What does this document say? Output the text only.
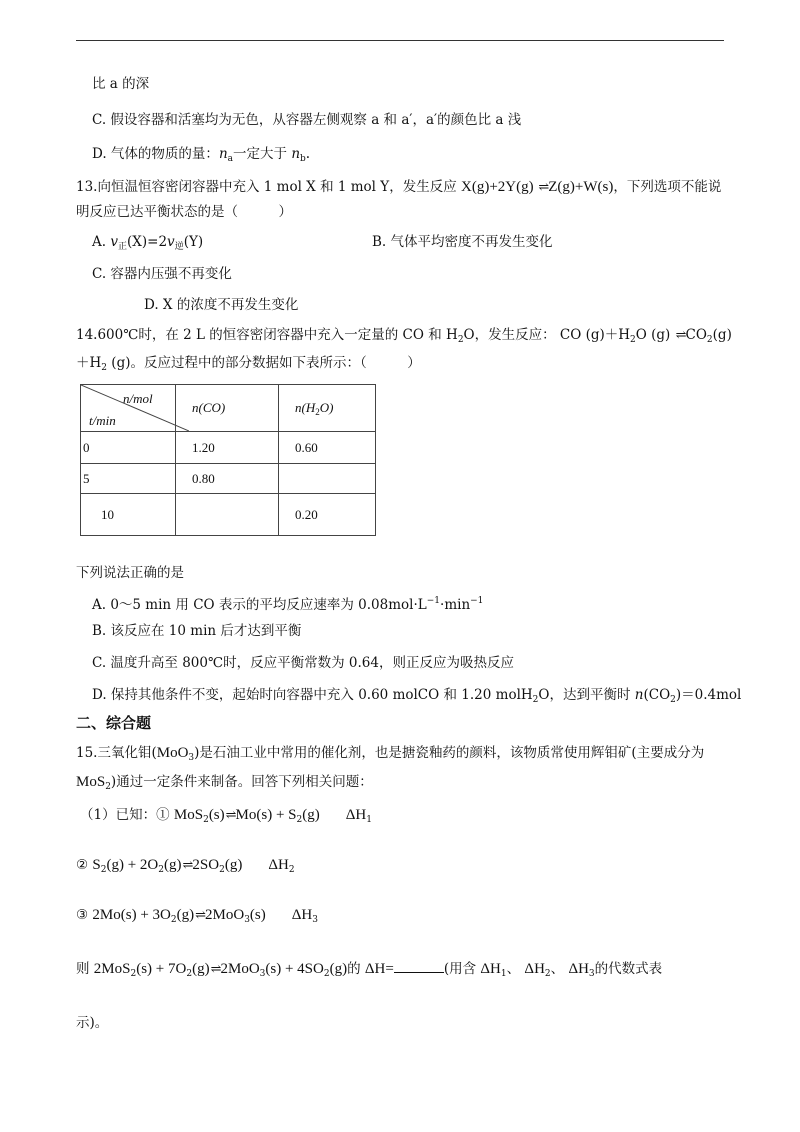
比 a 的深
C. 假设容器和活塞均为无色，从容器左侧观察 a 和 a′，a′的颜色比 a 浅
D. 气体的物质的量：$n_a$一定大于 $n_b$.
13.向恒温恒容密闭容器中充入 1 mol X 和 1 mol Y，发生反应 X(g)+2Y(g) ⇌Z(g)+W(s)，下列选项不能说
明反应已达平衡状态的是（　　　）
A. $v_正(X)=2v_逆(Y)$	B. 气体平均密度不再发生变化
C. 容器内压强不再变化
D. X 的浓度不再发生变化
14.600℃时，在 2 L 的恒容密闭容器中充入一定量的 CO 和 $H_2O$，发生反应： CO $(g)+H_2O$ (g) $\rightleftharpoons CO_2(g)$
$+H_2$ (g)。反应过程中的部分数据如下表所示：（　　　）
n/mol
t/min	n(CO)	$n(H_2O)$
0	1.20	0.60
5	0.80	
10		0.20
下列说法正确的是
A. 0～5 min 用 CO 表示的平均反应速率为 $0.08mol\cdot L^{-1}\cdot\min^{-1}$
B. 该反应在 10 min 后才达到平衡
C. 温度升高至 800℃时，反应平衡常数为 0.64，则正反应为吸热反应
D. 保持其他条件不变，起始时向容器中充入 0.60 molCO 和 1.20 molH$_2$O，达到平衡时 $n(CO_2)=0.4mol$
二、综合题
15.三氧化钼(MoO$_3$)是石油工业中常用的催化剂，也是搪瓷釉药的颜料，该物质常使用辉钼矿(主要成分为
MoS$_2$)通过一定条件来制备。回答下列相关问题：
（1）已知：① MoS$_2$(s)⇌Mo(s) + $S_2(g)$ $\Delta H_1$
② $S_2(g)$ + $2O_2(g)\rightleftharpoons 2SO_2(g)$ $\Delta H_2$
③ $2Mo(s) + 3O_2(g)\rightleftharpoons 2MoO_3(s)$ $\Delta H_3$
则 $2MoS_2(s) + 7O_2(g)\rightleftharpoons 2MoO_3(s) + 4SO_2(g)$的 ΔH=	(用含 $\Delta H_1$、 $\Delta H_2$、 $\Delta H_3$的代数式表
示)。
